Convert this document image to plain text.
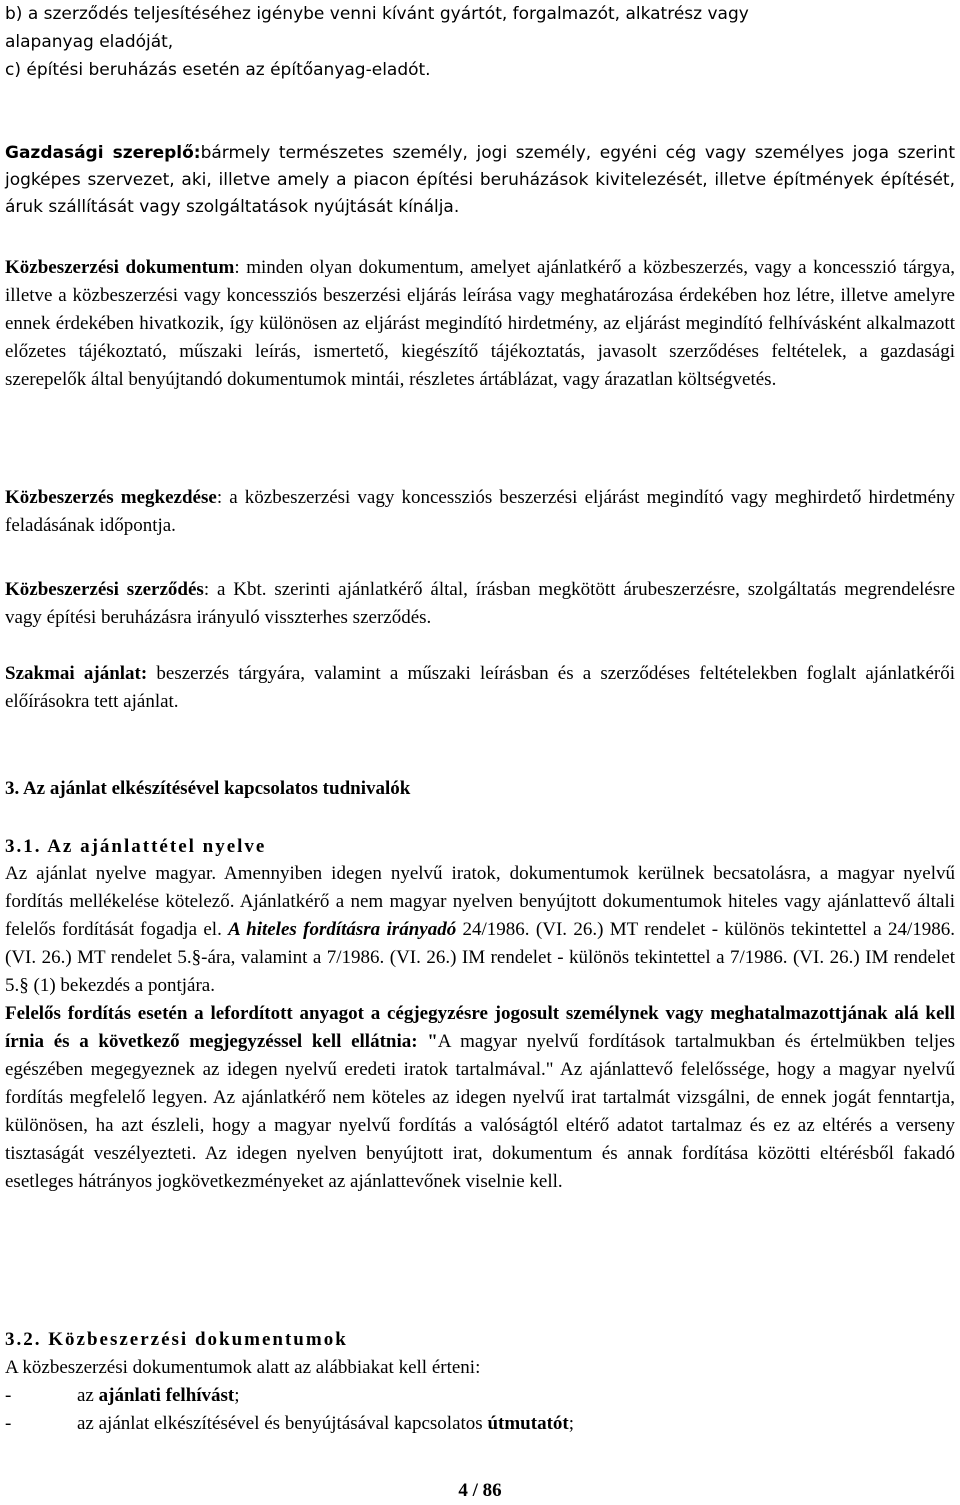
b) a szerződés teljesítéséhez igénybe venni kívánt gyártót, forgalmazót, alkatrész vagy

alapanyag eladóját,

c) építési beruházás esetén az építőanyag-eladót.

Gazdasági szereplő:bármely természetes személy, jogi személy, egyéni cég vagy személyes joga szerint jogképes szervezet, aki, illetve amely a piacon építési beruházások kivitelezését, illetve építmények építését, áruk szállítását vagy szolgáltatások nyújtását kínálja.

Közbeszerzési dokumentum: minden olyan dokumentum, amelyet ajánlatkérő a közbeszerzés, vagy a koncesszió tárgya, illetve a közbeszerzési vagy koncessziós beszerzési eljárás leírása vagy meghatározása érdekében hoz létre, illetve amelyre ennek érdekében hivatkozik, így különösen az eljárást megindító hirdetmény, az eljárást megindító felhívásként alkalmazott előzetes tájékoztató, műszaki leírás, ismertető, kiegészítő tájékoztatás, javasolt szerződéses feltételek, a gazdasági szerepelők által benyújtandó dokumentumok mintái, részletes ártáblázat, vagy árazatlan költségvetés.

Közbeszerzés megkezdése: a közbeszerzési vagy koncessziós beszerzési eljárást megindító vagy meghirdető hirdetmény feladásának időpontja.

Közbeszerzési szerződés: a Kbt. szerinti ajánlatkérő által, írásban megkötött árubeszerzésre, szolgáltatás megrendelésre vagy építési beruházásra irányuló visszterhes szerződés.

Szakmai ajánlat: beszerzés tárgyára, valamint a műszaki leírásban és a szerződéses feltételekben foglalt ajánlatkérői előírásokra tett ajánlat.

3. Az ajánlat elkészítésével kapcsolatos tudnivalók

3.1. Az ajánlattétel nyelve

Az ajánlat nyelve magyar. Amennyiben idegen nyelvű iratok, dokumentumok kerülnek becsatolásra, a magyar nyelvű fordítás mellékelése kötelező. Ajánlatkérő a nem magyar nyelven benyújtott dokumentumok hiteles vagy ajánlattevő általi felelős fordítását fogadja el. A hiteles fordításra irányadó 24/1986. (VI. 26.) MT rendelet - különös tekintettel a 24/1986. (VI. 26.) MT rendelet 5.§-ára, valamint a 7/1986. (VI. 26.) IM rendelet - különös tekintettel a 7/1986. (VI. 26.) IM rendelet 5.§ (1) bekezdés a pontjára.

Felelős fordítás esetén a lefordított anyagot a cégjegyzésre jogosult személynek vagy meghatalmazottjának alá kell írnia és a következő megjegyzéssel kell ellátnia: "A magyar nyelvű fordítások tartalmukban és értelmükben teljes egészében megegyeznek az idegen nyelvű eredeti iratok tartalmával." Az ajánlattevő felelőssége, hogy a magyar nyelvű fordítás megfelelő legyen. Az ajánlatkérő nem köteles az idegen nyelvű irat tartalmát vizsgálni, de ennek jogát fenntartja, különösen, ha azt észleli, hogy a magyar nyelvű fordítás a valóságtól eltérő adatot tartalmaz és ez az eltérés a verseny tisztaságát veszélyezteti. Az idegen nyelven benyújtott irat, dokumentum és annak fordítása közötti eltérésből fakadó esetleges hátrányos jogkövetkezményeket az ajánlattevőnek viselnie kell.

3.2. Közbeszerzési dokumentumok

A közbeszerzési dokumentumok alatt az alábbiakat kell érteni:

-	az ajánlati felhívást;

-	az ajánlat elkészítésével és benyújtásával kapcsolatos útmutatót;

4 / 86
